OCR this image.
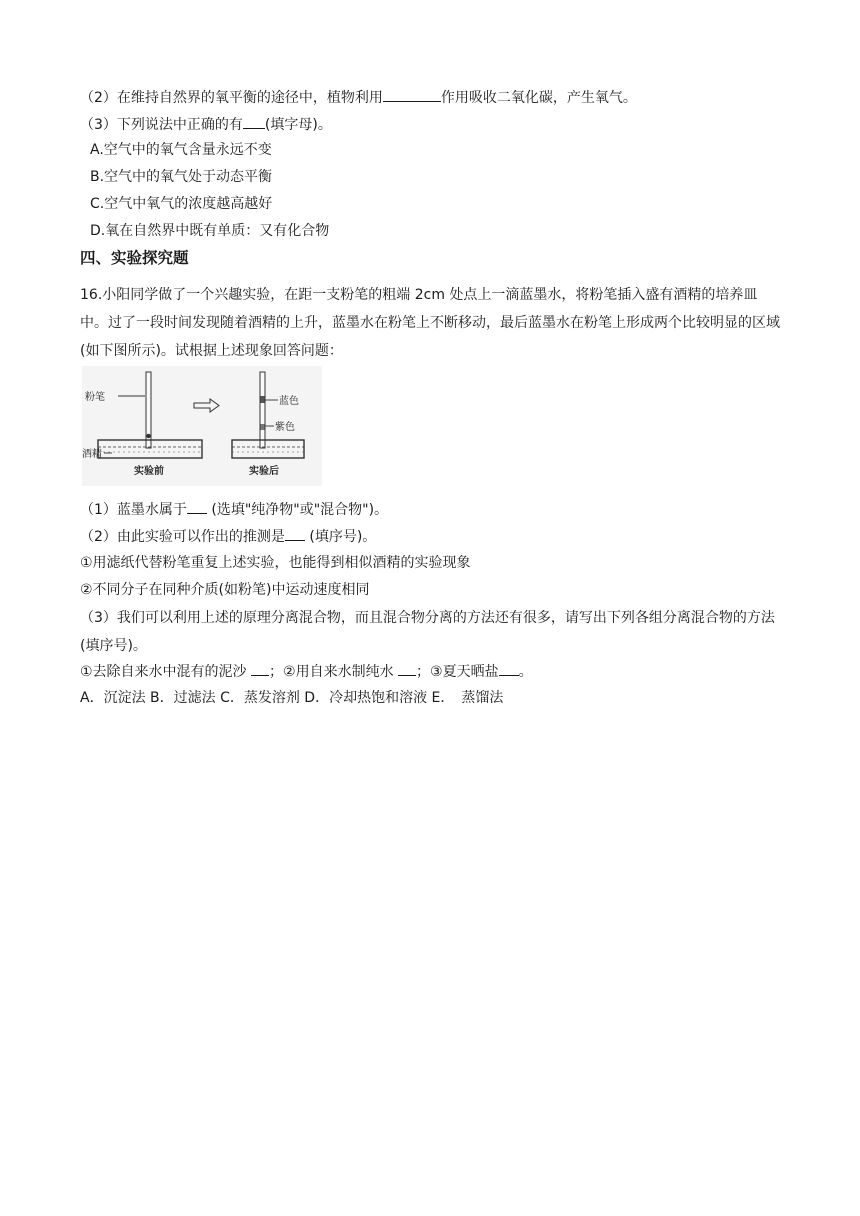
（2）在维持自然界的氧平衡的途径中，植物利用	作用吸收二氧化碳，产生氧气。
（3）下列说法中正确的有 (填字母)。
A.空气中的氧气含量永远不变
B.空气中的氧气处于动态平衡
C.空气中氧气的浓度越高越好
D.氧在自然界中既有单质：又有化合物
四、实验探究题
16.小阳同学做了一个兴趣实验，在距一支粉笔的粗端 2cm 处点上一滴蓝墨水，将粉笔插入盛有酒精的培养皿中。过了一段时间发现随着酒精的上升，蓝墨水在粉笔上不断移动，最后蓝墨水在粉笔上形成两个比较明显的区域(如下图所示)。试根据上述现象回答问题：
粉笔
酒精
实验前
蓝色
紫色
实验后
（1）蓝墨水属于 (选填"纯净物"或"混合物")。
（2）由此实验可以作出的推测是 (填序号)。
①用滤纸代替粉笔重复上述实验，也能得到相似酒精的实验现象
②不同分子在同种介质(如粉笔)中运动速度相同
（3）我们可以利用上述的原理分离混合物，而且混合物分离的方法还有很多，请写出下列各组分离混合物的方法(填序号)。
①去除自来水中混有的泥沙 ；②用自来水制纯水 ；③夏天晒盐 。
A．沉淀法 B．过滤法 C．蒸发溶剂 D．冷却热饱和溶液 E．　蒸馏法
